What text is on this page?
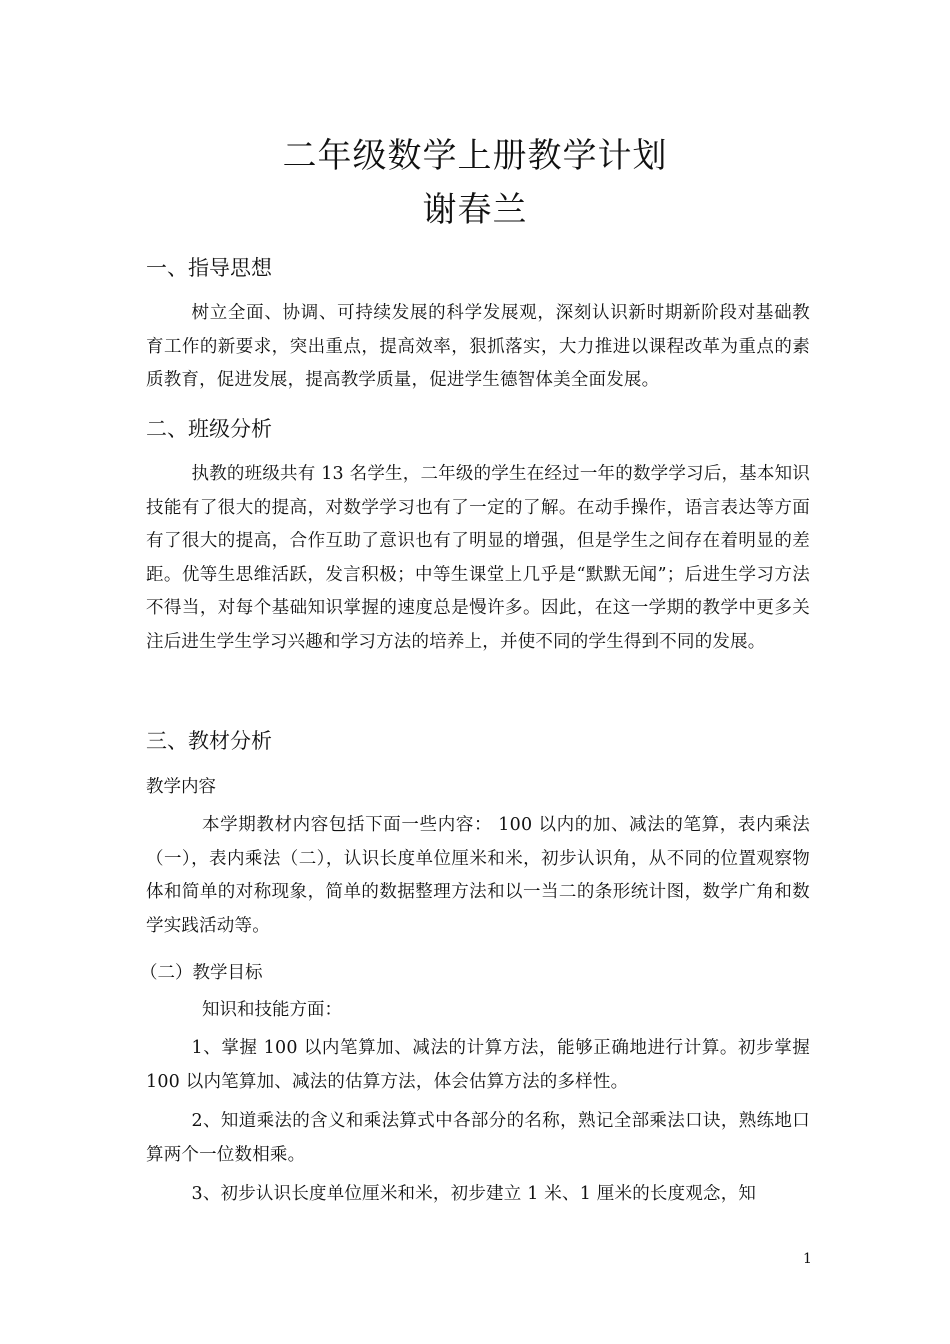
二年级数学上册教学计划
谢春兰
一、指导思想

树立全面、协调、可持续发展的科学发展观，深刻认识新时期新阶段对基础教育工作的新要求，突出重点，提高效率，狠抓落实，大力推进以课程改革为重点的素质教育，促进发展，提高教学质量，促进学生德智体美全面发展。

二、班级分析

执教的班级共有 13 名学生，二年级的学生在经过一年的数学学习后，基本知识技能有了很大的提高，对数学学习也有了一定的了解。在动手操作，语言表达等方面有了很大的提高，合作互助了意识也有了明显的增强，但是学生之间存在着明显的差距。优等生思维活跃，发言积极；中等生课堂上几乎是“默默无闻”；后进生学习方法不得当，对每个基础知识掌握的速度总是慢许多。因此，在这一学期的教学中更多关注后进生学生学习兴趣和学习方法的培养上，并使不同的学生得到不同的发展。

三、教材分析
教学内容

本学期教材内容包括下面一些内容： 100 以内的加、减法的笔算，表内乘法（一），表内乘法（二），认识长度单位厘米和米，初步认识角，从不同的位置观察物体和简单的对称现象，简单的数据整理方法和以一当二的条形统计图，数学广角和数学实践活动等。

（二）教学目标
知识和技能方面：

1、掌握 100 以内笔算加、减法的计算方法，能够正确地进行计算。初步掌握 100 以内笔算加、减法的估算方法，体会估算方法的多样性。

2、知道乘法的含义和乘法算式中各部分的名称，熟记全部乘法口诀，熟练地口算两个一位数相乘。

3、初步认识长度单位厘米和米，初步建立 1 米、1 厘米的长度观念，知

1
